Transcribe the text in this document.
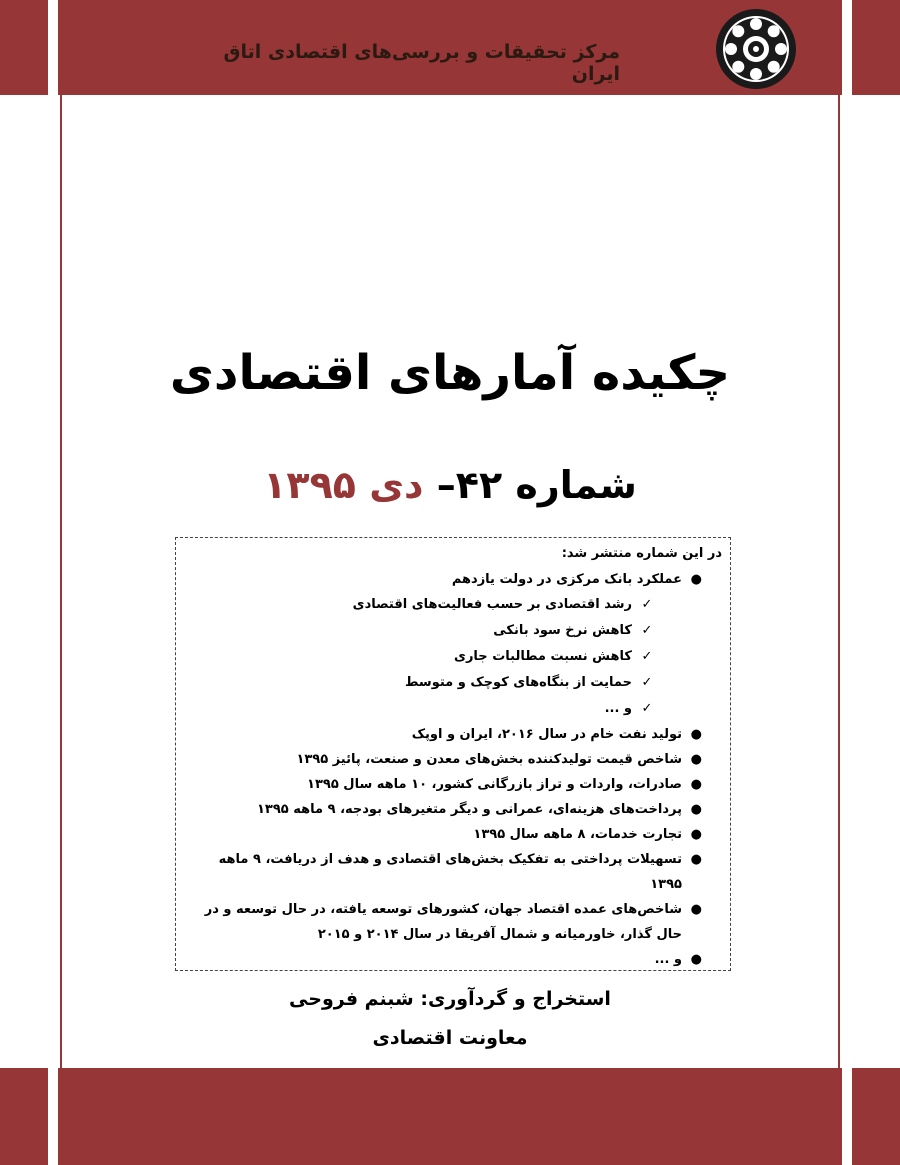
مرکز تحقیقات و بررسی‌های اقتصادی اتاق ایران
چکیده آمارهای اقتصادی
شماره ۴۲– دی ۱۳۹۵
در این شماره منتشر شد:
●
عملکرد بانک مرکزی در دولت یازدهم
✓
رشد اقتصادی بر حسب فعالیت‌های اقتصادی
✓
کاهش نرخ سود بانکی
✓
کاهش نسبت مطالبات جاری
✓
حمایت از بنگاه‌های کوچک و متوسط
✓
و ...
●
تولید نفت خام در سال ۲۰۱۶، ایران و اوپک
●
شاخص قیمت تولیدکننده بخش‌های معدن و صنعت، پائیز ۱۳۹۵
●
صادرات، واردات و تراز بازرگانی کشور، ۱۰ ماهه سال ۱۳۹۵
●
پرداخت‌های هزینه‌ای، عمرانی و دیگر متغیرهای بودجه، ۹ ماهه ۱۳۹۵
●
تجارت خدمات، ۸ ماهه سال ۱۳۹۵
●
تسهیلات پرداختی به تفکیک بخش‌های اقتصادی و هدف از دریافت، ۹ ماهه ۱۳۹۵
●
شاخص‌های عمده اقتصاد جهان، کشورهای توسعه یافته، در حال توسعه و در حال گذار، خاورمیانه و شمال آفریقا در سال ۲۰۱۴ و ۲۰۱۵
●
و ...
استخراج و گردآوری: شبنم فروحی
معاونت اقتصادی
